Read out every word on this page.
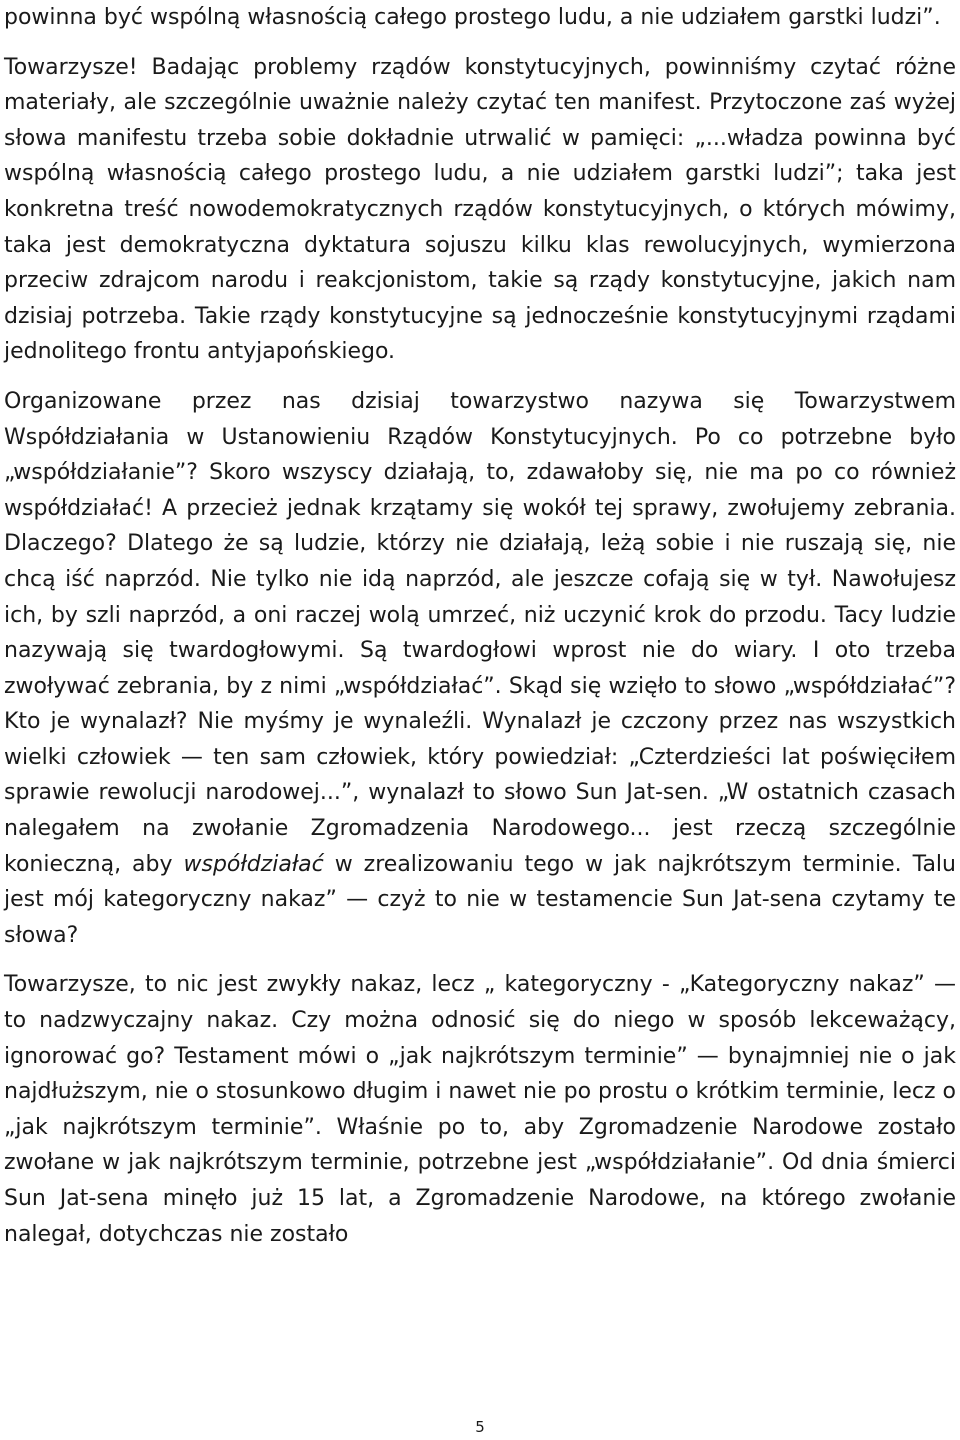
powinna być wspólną własnością całego prostego ludu, a nie udziałem garstki ludzi”.

Towarzysze! Badając problemy rządów konstytucyjnych, powinniśmy czytać różne materiały, ale szczególnie uważnie należy czytać ten manifest. Przytoczone zaś wyżej słowa manifestu trzeba sobie dokładnie utrwalić w pamięci: „...władza powinna być wspólną własnością całego prostego ludu, a nie udziałem garstki ludzi”; taka jest konkretna treść nowodemokratycznych rządów konstytucyjnych, o których mówimy, taka jest demokratyczna dyktatura sojuszu kilku klas rewolucyjnych, wymierzona przeciw zdrajcom narodu i reakcjonistom, takie są rządy konstytucyjne, jakich nam dzisiaj potrzeba. Takie rządy konstytucyjne są jednocześnie konstytucyjnymi rządami jednolitego frontu antyjapońskiego.

Organizowane przez nas dzisiaj towarzystwo nazywa się Towarzystwem Współdziałania w Ustanowieniu Rządów Konstytucyjnych. Po co potrzebne było „współdziałanie”? Skoro wszyscy działają, to, zdawałoby się, nie ma po co również współdziałać! A przecież jednak krzątamy się wokół tej sprawy, zwołujemy zebrania. Dlaczego? Dlatego że są ludzie, którzy nie działają, leżą sobie i nie ruszają się, nie chcą iść naprzód. Nie tylko nie idą naprzód, ale jeszcze cofają się w tył. Nawołujesz ich, by szli naprzód, a oni raczej wolą umrzeć, niż uczynić krok do przodu. Tacy ludzie nazywają się twardogłowymi. Są twardogłowi wprost nie do wiary. I oto trzeba zwoływać zebrania, by z nimi „współdziałać”. Skąd się wzięło to słowo „współdziałać”? Kto je wynalazł? Nie myśmy je wynaleźli. Wynalazł je czczony przez nas wszystkich wielki człowiek — ten sam człowiek, który powiedział: „Czterdzieści lat poświęciłem sprawie rewolucji narodowej...”, wynalazł to słowo Sun Jat-sen. „W ostatnich czasach nalegałem na zwołanie Zgromadzenia Narodowego... jest rzeczą szczególnie konieczną, aby współdziałać w zrealizowaniu tego w jak najkrótszym terminie. Talu jest mój kategoryczny nakaz” — czyż to nie w testamencie Sun Jat-sena czytamy te słowa?

Towarzysze, to nic jest zwykły nakaz, lecz „ kategoryczny - „Kategoryczny nakaz” — to nadzwyczajny nakaz. Czy można odnosić się do niego w sposób lekceważący, ignorować go? Testament mówi o „jak najkrótszym terminie” — bynajmniej nie o jak najdłuższym, nie o stosunkowo długim i nawet nie po prostu o krótkim terminie, lecz o „jak najkrótszym terminie”. Właśnie po to, aby Zgromadzenie Narodowe zostało zwołane w jak najkrótszym terminie, potrzebne jest „współdziałanie”. Od dnia śmierci Sun Jat-sena minęło już 15 lat, a Zgromadzenie Narodowe, na którego zwołanie nalegał, dotychczas nie zostało

5
